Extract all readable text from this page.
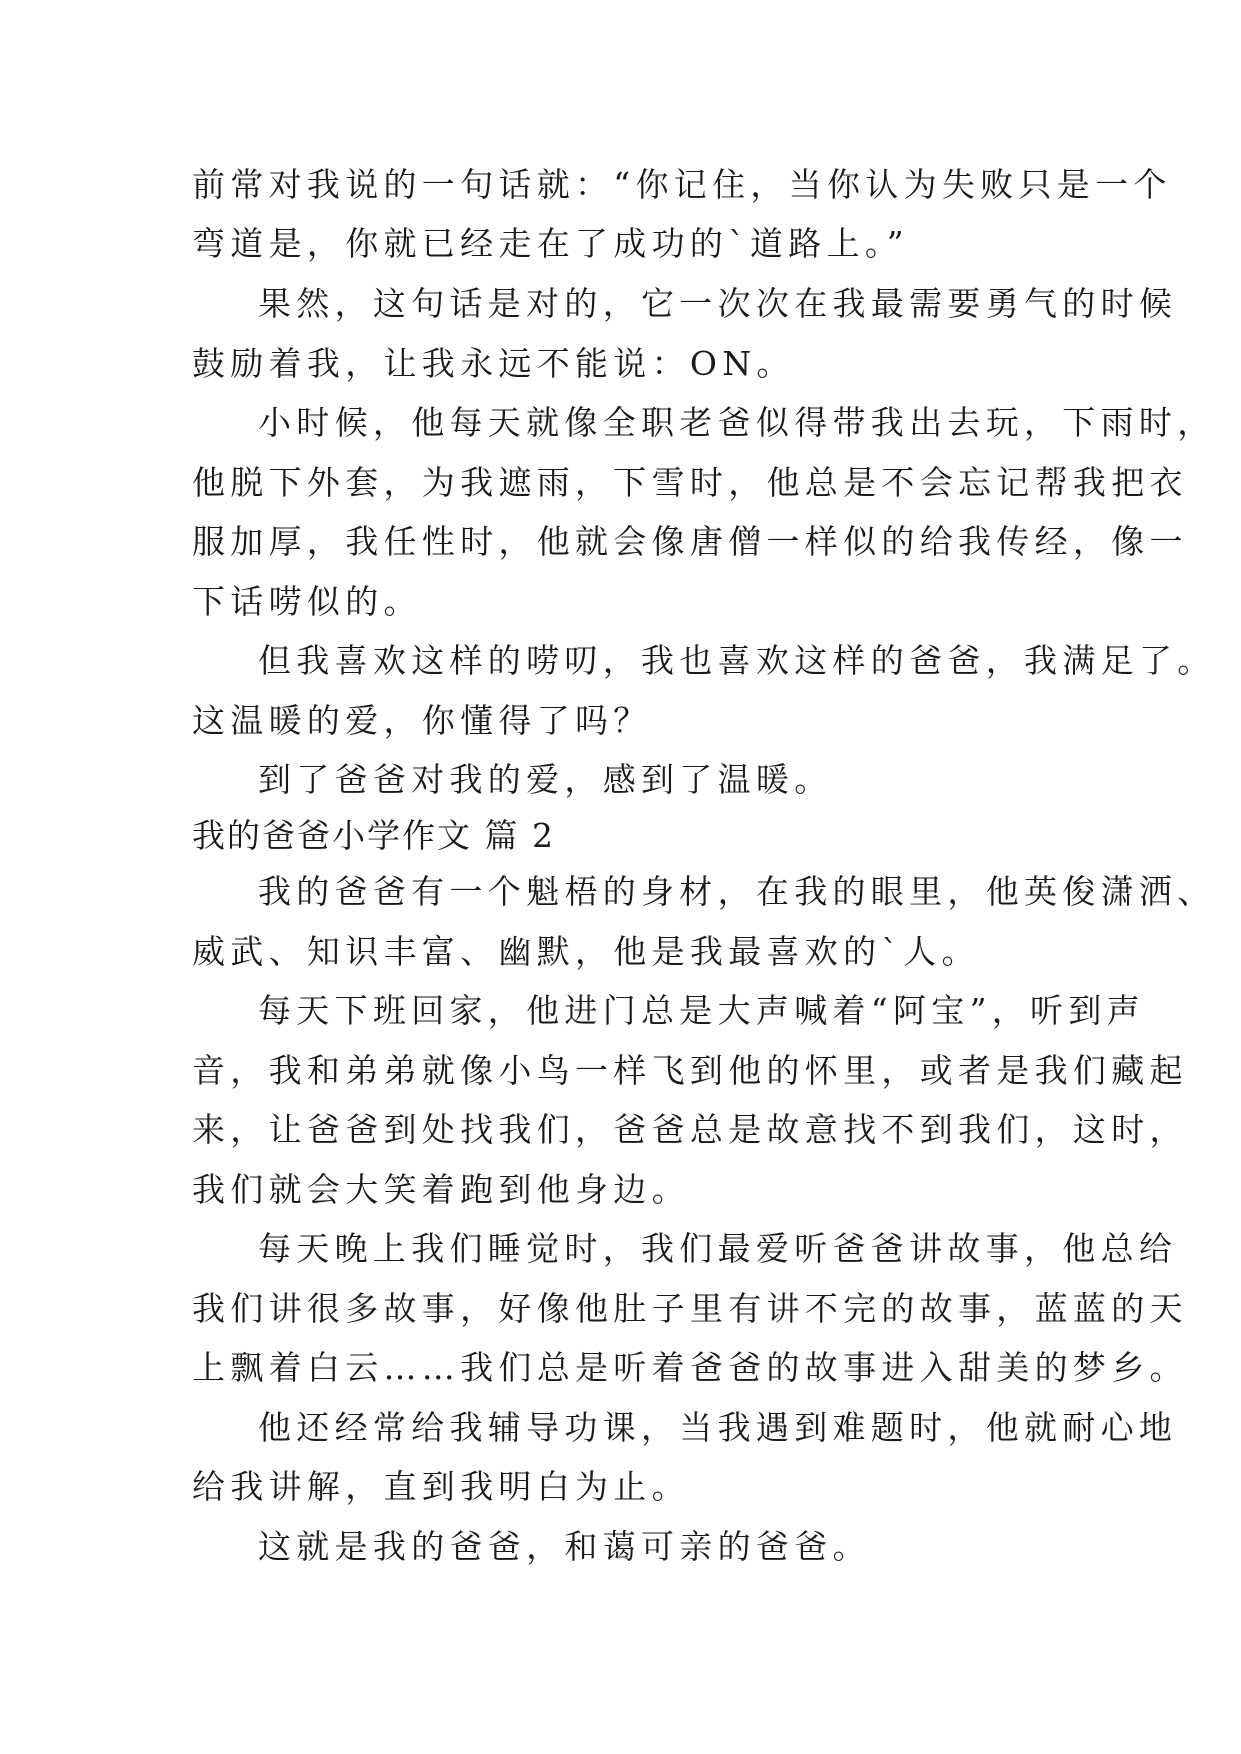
前常对我说的一句话就：“你记住，当你认为失败只是一个
弯道是，你就已经走在了成功的`道路上。”
果然，这句话是对的，它一次次在我最需要勇气的时候
鼓励着我，让我永远不能说：ON。
小时候，他每天就像全职老爸似得带我出去玩，下雨时，
他脱下外套，为我遮雨，下雪时，他总是不会忘记帮我把衣
服加厚，我任性时，他就会像唐僧一样似的给我传经，像一
下话唠似的。
但我喜欢这样的唠叨，我也喜欢这样的爸爸，我满足了。
这温暖的爱，你懂得了吗？
到了爸爸对我的爱，感到了温暖。
我的爸爸小学作文 篇 2
我的爸爸有一个魁梧的身材，在我的眼里，他英俊潇洒、
威武、知识丰富、幽默，他是我最喜欢的`人。
每天下班回家，他进门总是大声喊着“阿宝”，听到声
音，我和弟弟就像小鸟一样飞到他的怀里，或者是我们藏起
来，让爸爸到处找我们，爸爸总是故意找不到我们，这时，
我们就会大笑着跑到他身边。
每天晚上我们睡觉时，我们最爱听爸爸讲故事，他总给
我们讲很多故事，好像他肚子里有讲不完的故事，蓝蓝的天
上飘着白云……我们总是听着爸爸的故事进入甜美的梦乡。
他还经常给我辅导功课，当我遇到难题时，他就耐心地
给我讲解，直到我明白为止。
这就是我的爸爸，和蔼可亲的爸爸。
